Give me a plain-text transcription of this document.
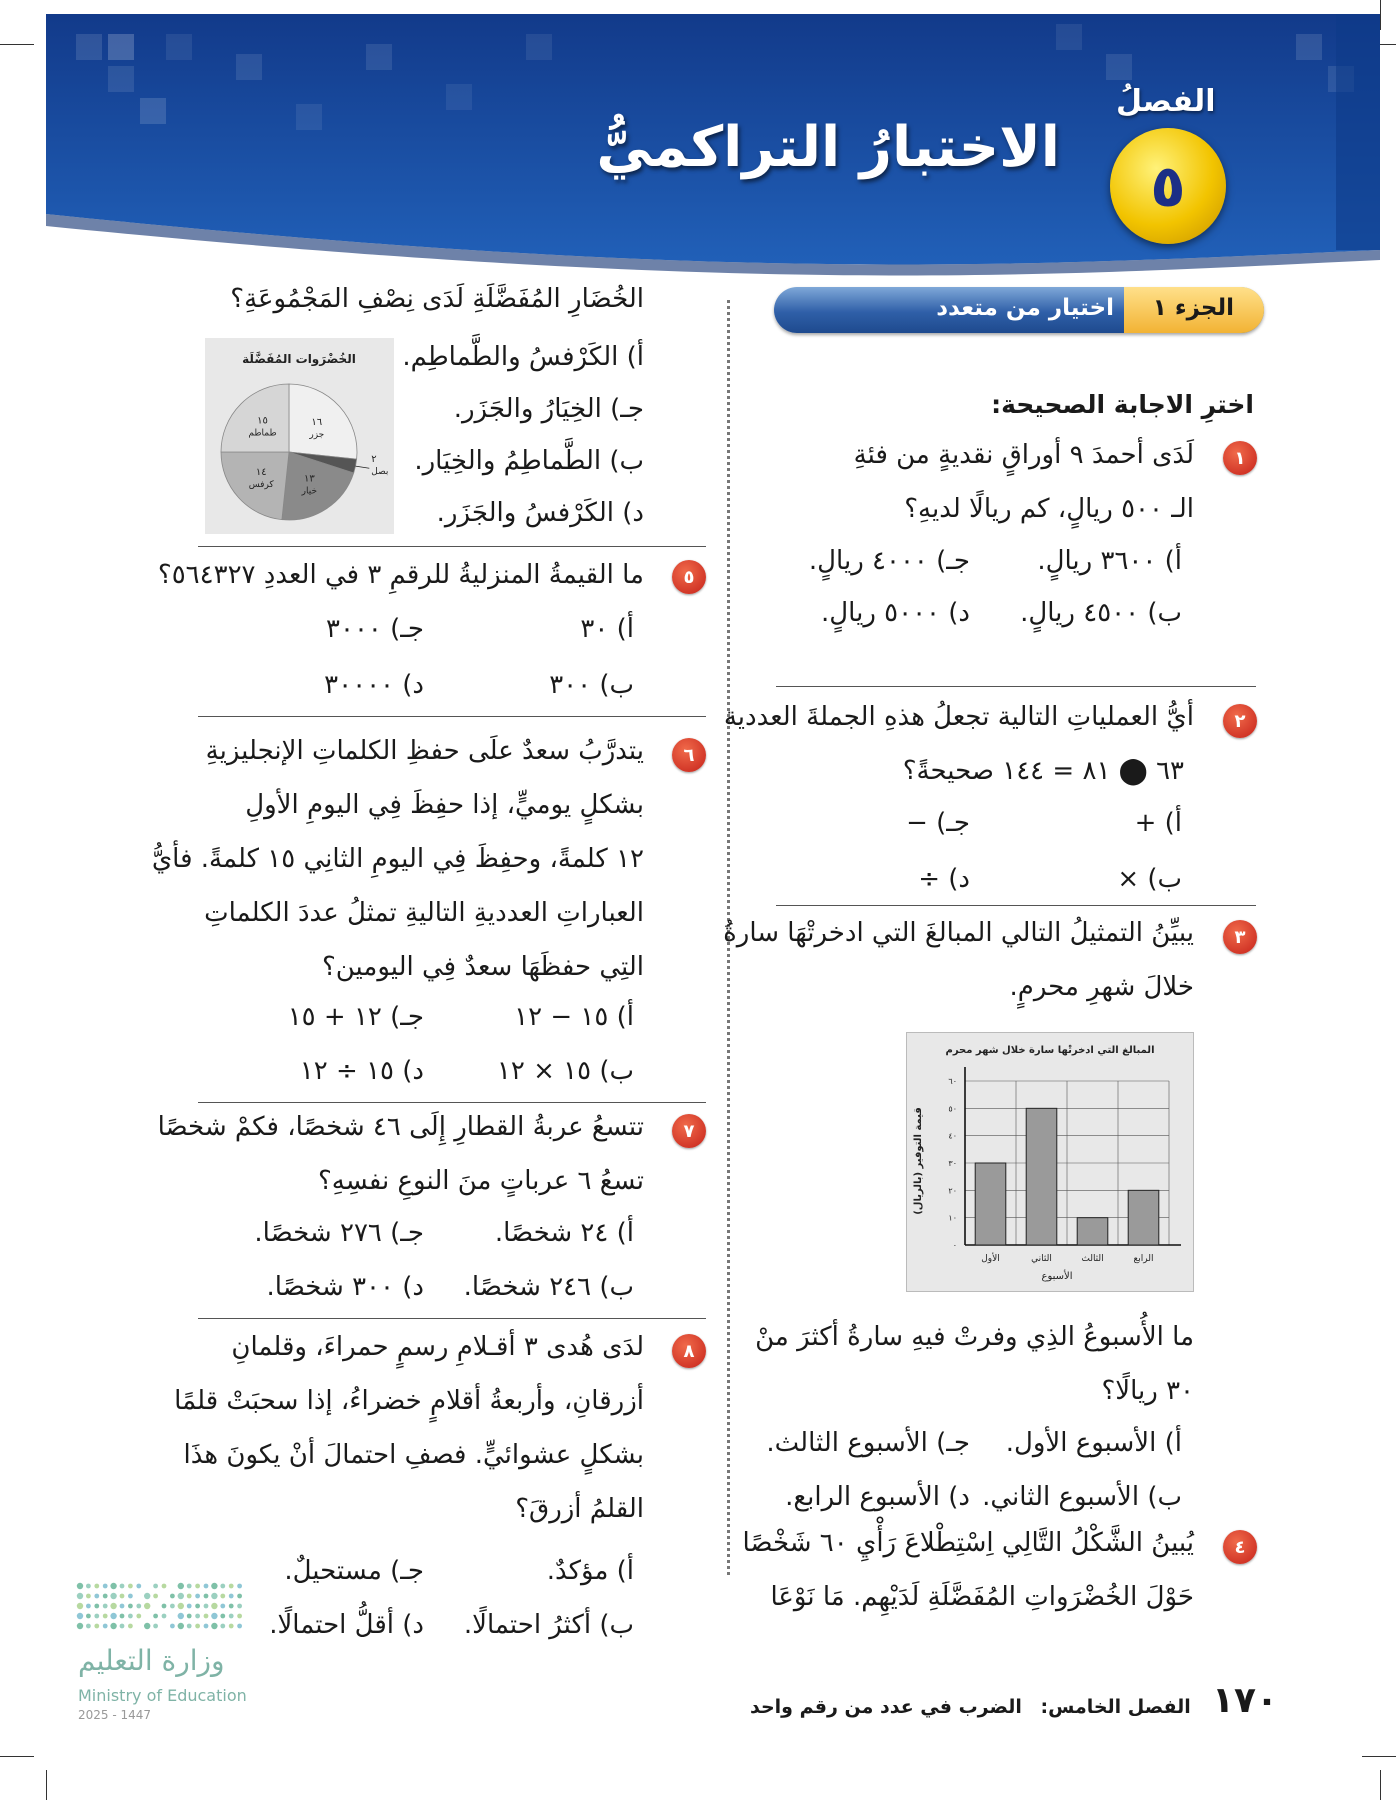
الاختبارُ التراكميُّ
الفصلُ
٥
الجزء ١
اختيار من متعدد
اخترِ الاجابة الصحيحة:
١
لَدَى أحمدَ ٩ أوراقٍ نقديةٍ من فئةِ
الـ ٥٠٠ ريالٍ، كم ريالًا لديهِ؟
أ) ٣٦٠٠ ريالٍ.
جـ) ٤٠٠٠ ريالٍ.
ب) ٤٥٠٠ ريالٍ.
د) ٥٠٠٠ ريالٍ.
٢
أيُّ العملياتِ التالية تجعلُ هذهِ الجملةَ العددية
٦٣ ⬤ ٨١ = ١٤٤ صحيحةً؟
أ) +
جـ) −
ب) ×
د) ÷
٣
يبيِّنُ التمثيلُ التالي المبالغَ التي ادخرتْهَا سارةُ
خلالَ شهرِ محرمٍ.
المبالغ التي ادخرتْها سارة خلال شهر محرم
٠
١٠
٢٠
٣٠
٤٠
٥٠
٦٠
الأول	الثاني	الثالث	الرابع
الأسبوع
قيمة التوفير (بالريال)
ما الأُسبوعُ الذِي وفرتْ فيهِ سارةُ أكثرَ منْ
٣٠ ريالًا؟
أ) الأسبوع الأول.
جـ) الأسبوع الثالث.
ب) الأسبوع الثاني.
د) الأسبوع الرابع.
٤
يُبينُ الشَّكْلُ التَّالِي اِسْتِطْلاعَ رَأْيِ ٦٠ شَخْصًا
حَوْلَ الخُضْرَواتِ المُفَضَّلَةِ لَدَيْهِم. مَا نَوْعَا
الخُضَارِ المُفَضَّلَةِ لَدَى نِصْفِ المَجْمُوعَةِ؟
الخُضْرَوات المُفَضَّلَة
١٦
جزر
٢
بصل
١٣
خيار
١٤
كرفس
١٥
طماطم
أ) الكَرْفسُ والطَّماطِم.
جـ) الخِيَارُ والجَزَر.
ب) الطَّماطِمُ والخِيَار.
د) الكَرْفسُ والجَزَر.
٥
ما القيمةُ المنزليةُ للرقمِ ٣ في العددِ ٥٦٤٣٢٧؟
أ) ٣٠
جـ) ٣٠٠٠
ب) ٣٠٠
د) ٣٠٠٠٠
٦
يتدرَّبُ سعدٌ علَى حفظِ الكلماتِ الإنجليزيةِ
بشكلٍ يوميٍّ، إذا حفِظَ فِي اليومِ الأولِ
١٢ كلمةً، وحفِظَ فِي اليومِ الثانِي ١٥ كلمةً. فأيُّ
العباراتِ العدديةِ التاليةِ تمثلُ عددَ الكلماتِ
التِي حفظَهَا سعدٌ فِي اليومين؟
أ) ١٥ − ١٢
جـ) ١٢ + ١٥
ب) ١٥ × ١٢
د) ١٥ ÷ ١٢
٧
تتسعُ عربةُ القطارِ إِلَى ٤٦ شخصًا، فكمْ شخصًا
تسعُ ٦ عرباتٍ منَ النوعِ نفسِهِ؟
أ) ٢٤ شخصًا.
جـ) ٢٧٦ شخصًا.
ب) ٢٤٦ شخصًا.
د) ٣٠٠ شخصًا.
٨
لدَى هُدى ٣ أقـلامِ رسمٍ حمراءَ، وقلمانِ
أزرقانِ، وأربعةُ أقلامٍ خضراءُ، إذا سحبَتْ قلمًا
بشكلٍ عشوائيٍّ. فصفِ احتمالَ أنْ يكونَ هذَا
القلمُ أزرقَ؟
أ) مؤكدٌ.
جـ) مستحيلٌ.
ب) أكثرُ احتمالًا.
د) أقلُّ احتمالًا.
وزارة التعليم
Ministry of Education
2025 - 1447	١٧٠
الفصل الخامس: الضرب في عدد من رقم واحد
